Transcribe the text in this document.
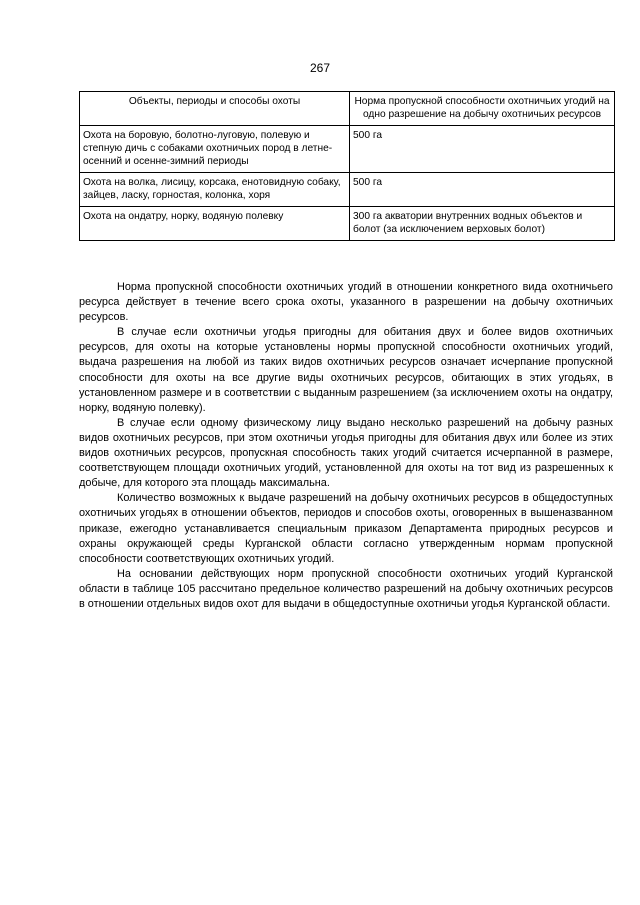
267
Объекты, периоды и способы охоты	Норма пропускной способности охотничьих угодий на одно разрешение на добычу охотничьих ресурсов
Охота на боровую, болотно-луговую, полевую и степную дичь с собаками охотничьих пород в летне-осенний и осенне-зимний периоды	500 га
Охота на волка, лисицу, корсака, енотовидную собаку, зайцев, ласку, горностая, колонка, хоря	500 га
Охота на ондатру, норку, водяную полевку	300 га акватории внутренних водных объектов и болот (за исключением верховых болот)

Норма пропускной способности охотничьих угодий в отношении конкретного вида охотничьего ресурса действует в течение всего срока охоты, указанного в разрешении на добычу охотничьих ресурсов.

В случае если охотничьи угодья пригодны для обитания двух и более видов охотничьих ресурсов, для охоты на которые установлены нормы пропускной способности охотничьих угодий, выдача разрешения на любой из таких видов охотничьих ресурсов означает исчерпание пропускной способности для охоты на все другие виды охотничьих ресурсов, обитающих в этих угодьях, в установленном размере и в соответствии с выданным разрешением (за исключением охоты на ондатру, норку, водяную полевку).

В случае если одному физическому лицу выдано несколько разрешений на добычу разных видов охотничьих ресурсов, при этом охотничьи угодья пригодны для обитания двух или более из этих видов охотничьих ресурсов, пропускная способность таких угодий считается исчерпанной в размере, соответствующем площади охотничьих угодий, установленной для охоты на тот вид из разрешенных к добыче, для которого эта площадь максимальна.

Количество возможных к выдаче разрешений на добычу охотничьих ресурсов в общедоступных охотничьих угодьях в отношении объектов, периодов и способов охоты, оговоренных в вышеназванном приказе, ежегодно устанавливается специальным приказом Департамента природных ресурсов и охраны окружающей среды Курганской области согласно утвержденным нормам пропускной способности соответствующих охотничьих угодий.

На основании действующих норм пропускной способности охотничьих угодий Курганской области в таблице 105 рассчитано предельное количество разрешений на добычу охотничьих ресурсов в отношении отдельных видов охот для выдачи в общедоступные охотничьи угодья Курганской области.
